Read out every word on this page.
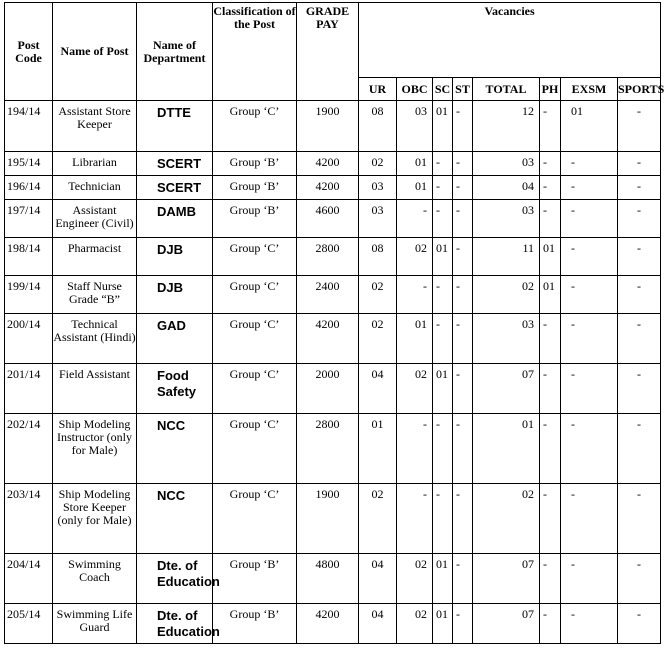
Post Code	Name of Post	Name of Department	Classification of the Post	GRADE PAY	Vacancies							
					UR	OBC	SC	ST	TOTAL	PH	EXSM	SPORTS
194/14	Assistant Store Keeper	DTTE	Group ‘C’	1900	08	03	01	-	12	-	01	-
195/14	Librarian	SCERT	Group ‘B’	4200	02	01	-	-	03	-	-	-
196/14	Technician	SCERT	Group ‘B’	4200	03	01	-	-	04	-	-	-
197/14	Assistant Engineer (Civil)	DAMB	Group ‘B’	4600	03	-	-	-	03	-	-	-
198/14	Pharmacist	DJB	Group ‘C’	2800	08	02	01	-	11	01	-	-
199/14	Staff Nurse Grade “B”	DJB	Group ‘C’	2400	02	-	-	-	02	01	-	-
200/14	Technical Assistant (Hindi)	GAD	Group ‘C’	4200	02	01	-	-	03	-	-	-
201/14	Field Assistant	Food Safety	Group ‘C’	2000	04	02	01	-	07	-	-	-
202/14	Ship Modeling Instructor (only for Male)	NCC	Group ‘C’	2800	01	-	-	-	01	-	-	-
203/14	Ship Modeling Store Keeper (only for Male)	NCC	Group ‘C’	1900	02	-	-	-	02	-	-	-
204/14	Swimming Coach	Dte. of Education	Group ‘B’	4800	04	02	01	-	07	-	-	-
205/14	Swimming Life Guard	Dte. of Education	Group ‘B’	4200	04	02	01	-	07	-	-	-
